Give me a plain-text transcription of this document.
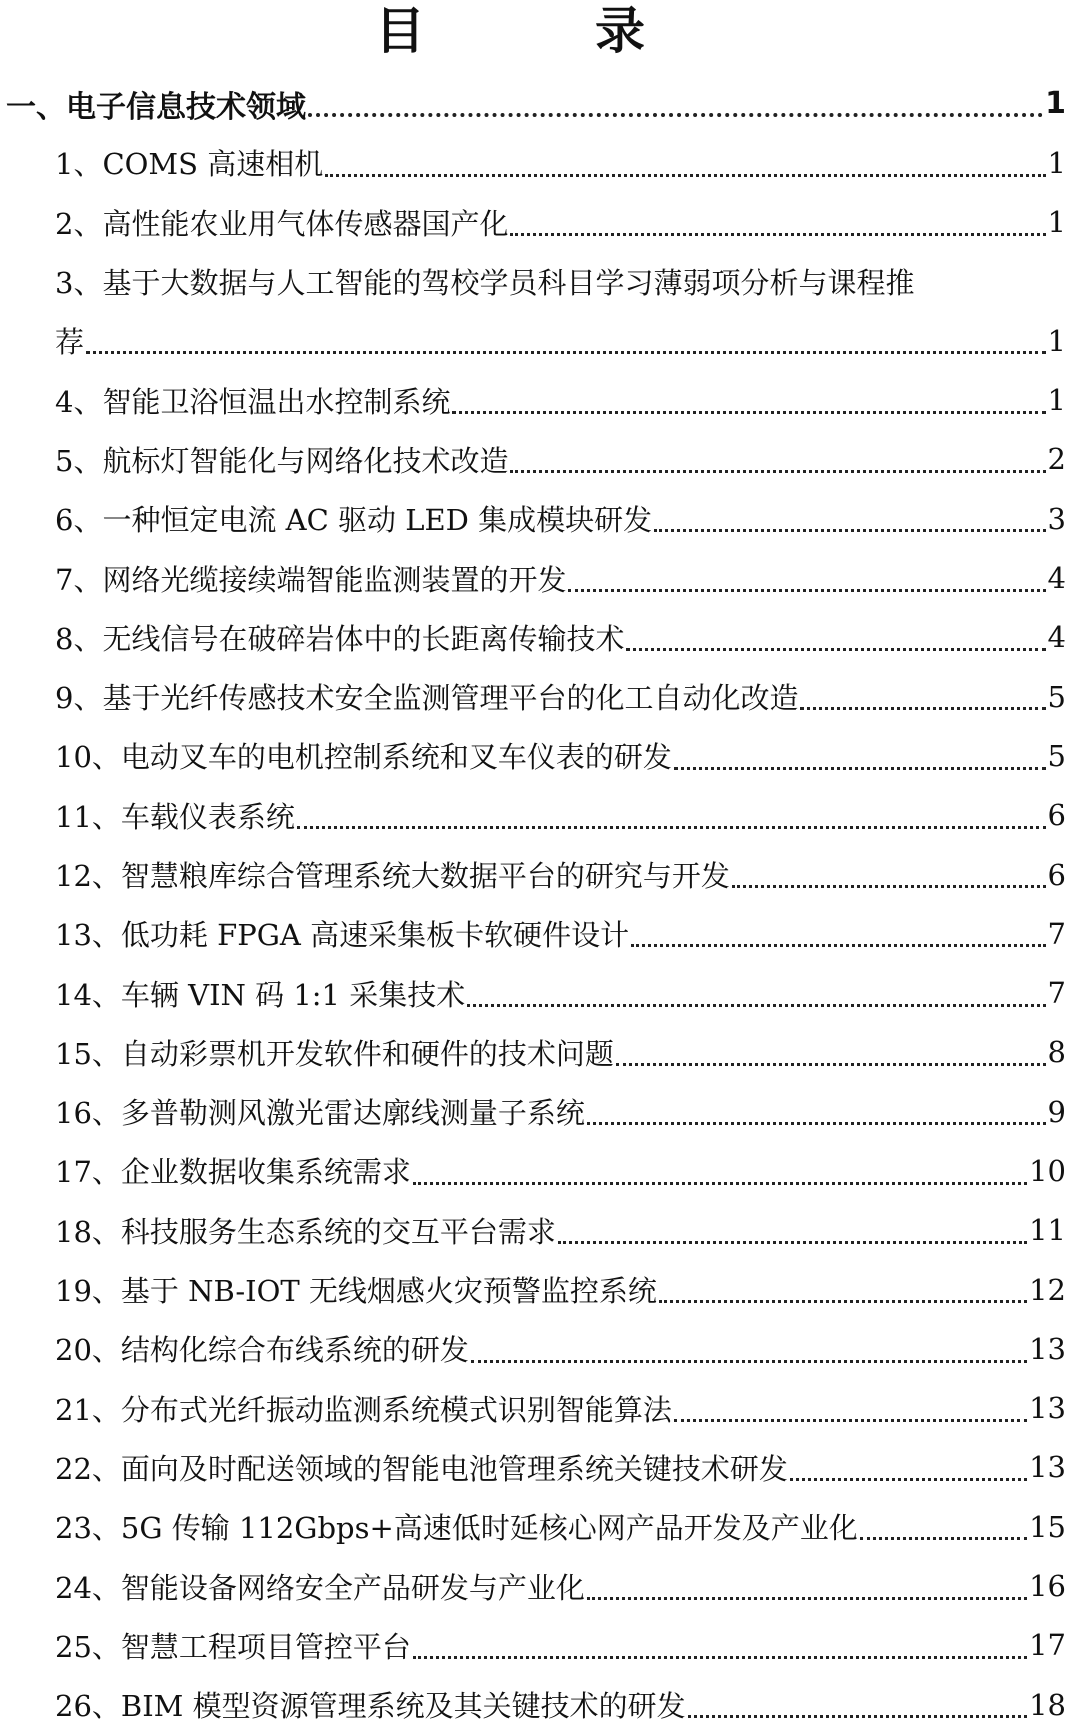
目　录
一、电子信息技术领域	1
1、COMS 高速相机	1
2、高性能农业用气体传感器国产化	1
3、基于大数据与人工智能的驾校学员科目学习薄弱项分析与课程推
荐	1
4、智能卫浴恒温出水控制系统	1
5、航标灯智能化与网络化技术改造	2
6、一种恒定电流 AC 驱动 LED 集成模块研发	3
7、网络光缆接续端智能监测装置的开发	4
8、无线信号在破碎岩体中的长距离传输技术	4
9、基于光纤传感技术安全监测管理平台的化工自动化改造	5
10、电动叉车的电机控制系统和叉车仪表的研发	5
11、车载仪表系统	6
12、智慧粮库综合管理系统大数据平台的研究与开发	6
13、低功耗 FPGA 高速采集板卡软硬件设计	7
14、车辆 VIN 码 1:1 采集技术	7
15、自动彩票机开发软件和硬件的技术问题	8
16、多普勒测风激光雷达廓线测量子系统	9
17、企业数据收集系统需求	10
18、科技服务生态系统的交互平台需求	11
19、基于 NB-IOT 无线烟感火灾预警监控系统	12
20、结构化综合布线系统的研发	13
21、分布式光纤振动监测系统模式识别智能算法	13
22、面向及时配送领域的智能电池管理系统关键技术研发	13
23、5G 传输 112Gbps+高速低时延核心网产品开发及产业化	15
24、智能设备网络安全产品研发与产业化	16
25、智慧工程项目管控平台	17
26、BIM 模型资源管理系统及其关键技术的研发	18
